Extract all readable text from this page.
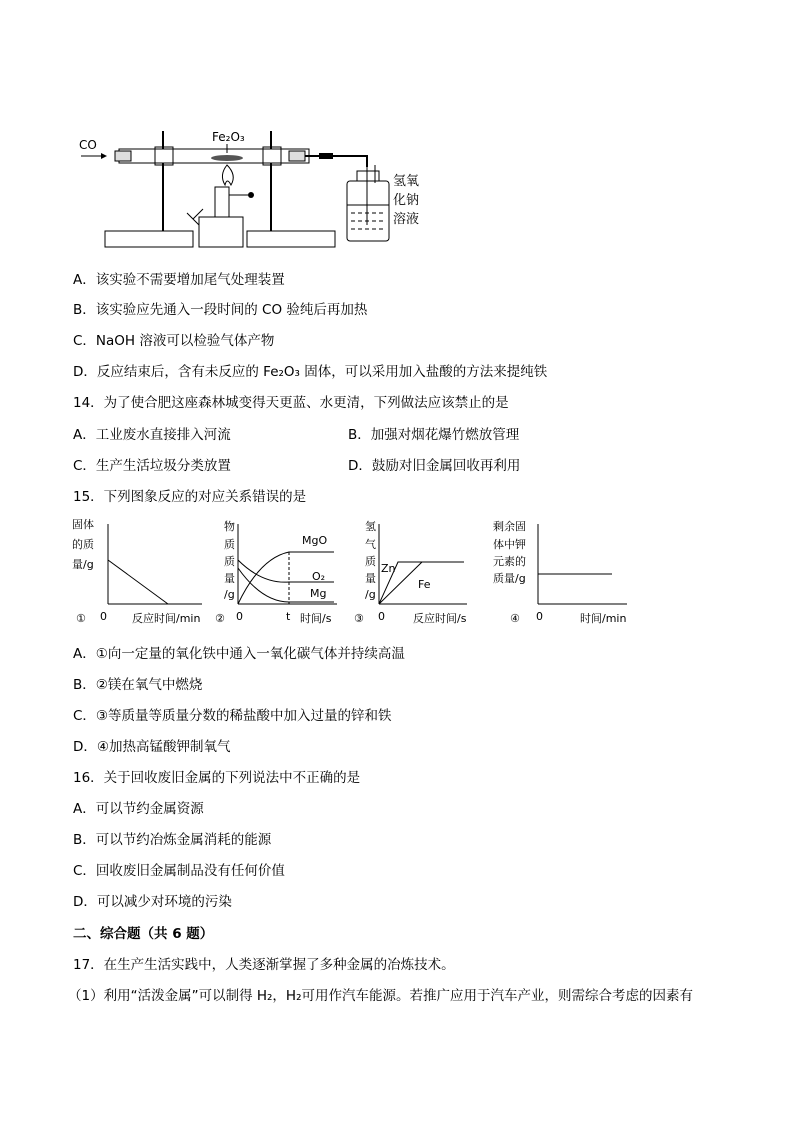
CO
Fe₂O₃
氢氧
化钠
溶液
A．该实验不需要增加尾气处理装置
B．该实验应先通入一段时间的 CO 验纯后再加热
C．NaOH 溶液可以检验气体产物
D．反应结束后，含有未反应的 Fe₂O₃ 固体，可以采用加入盐酸的方法来提纯铁
14．为了使合肥这座森林城变得天更蓝、水更清，下列做法应该禁止的是
A．工业废水直接排入河流	B．加强对烟花爆竹燃放管理
C．生产生活垃圾分类放置	D．鼓励对旧金属回收再利用
15．下列图象反应的对应关系错误的是
固体
的质
量/g
① 0 反应时间/min
物
质
质
量
/g
MgO
O₂
Mg
② 0	t 时间/s
氢
气
质
量
/g
Zn
Fe
③ 0	反应时间/s
剩余固
体中钾
元素的
质量/g
④ 0	时间/min
A．①向一定量的氧化铁中通入一氧化碳气体并持续高温
B．②镁在氧气中燃烧
C．③等质量等质量分数的稀盐酸中加入过量的锌和铁
D．④加热高锰酸钾制氧气
16．关于回收废旧金属的下列说法中不正确的是
A．可以节约金属资源
B．可以节约冶炼金属消耗的能源
C．回收废旧金属制品没有任何价值
D．可以减少对环境的污染
二、综合题（共 6 题）
17．在生产生活实践中，人类逐渐掌握了多种金属的冶炼技术。
（1）利用“活泼金属”可以制得 H₂，H₂可用作汽车能源。若推广应用于汽车产业，则需综合考虑的因素有
